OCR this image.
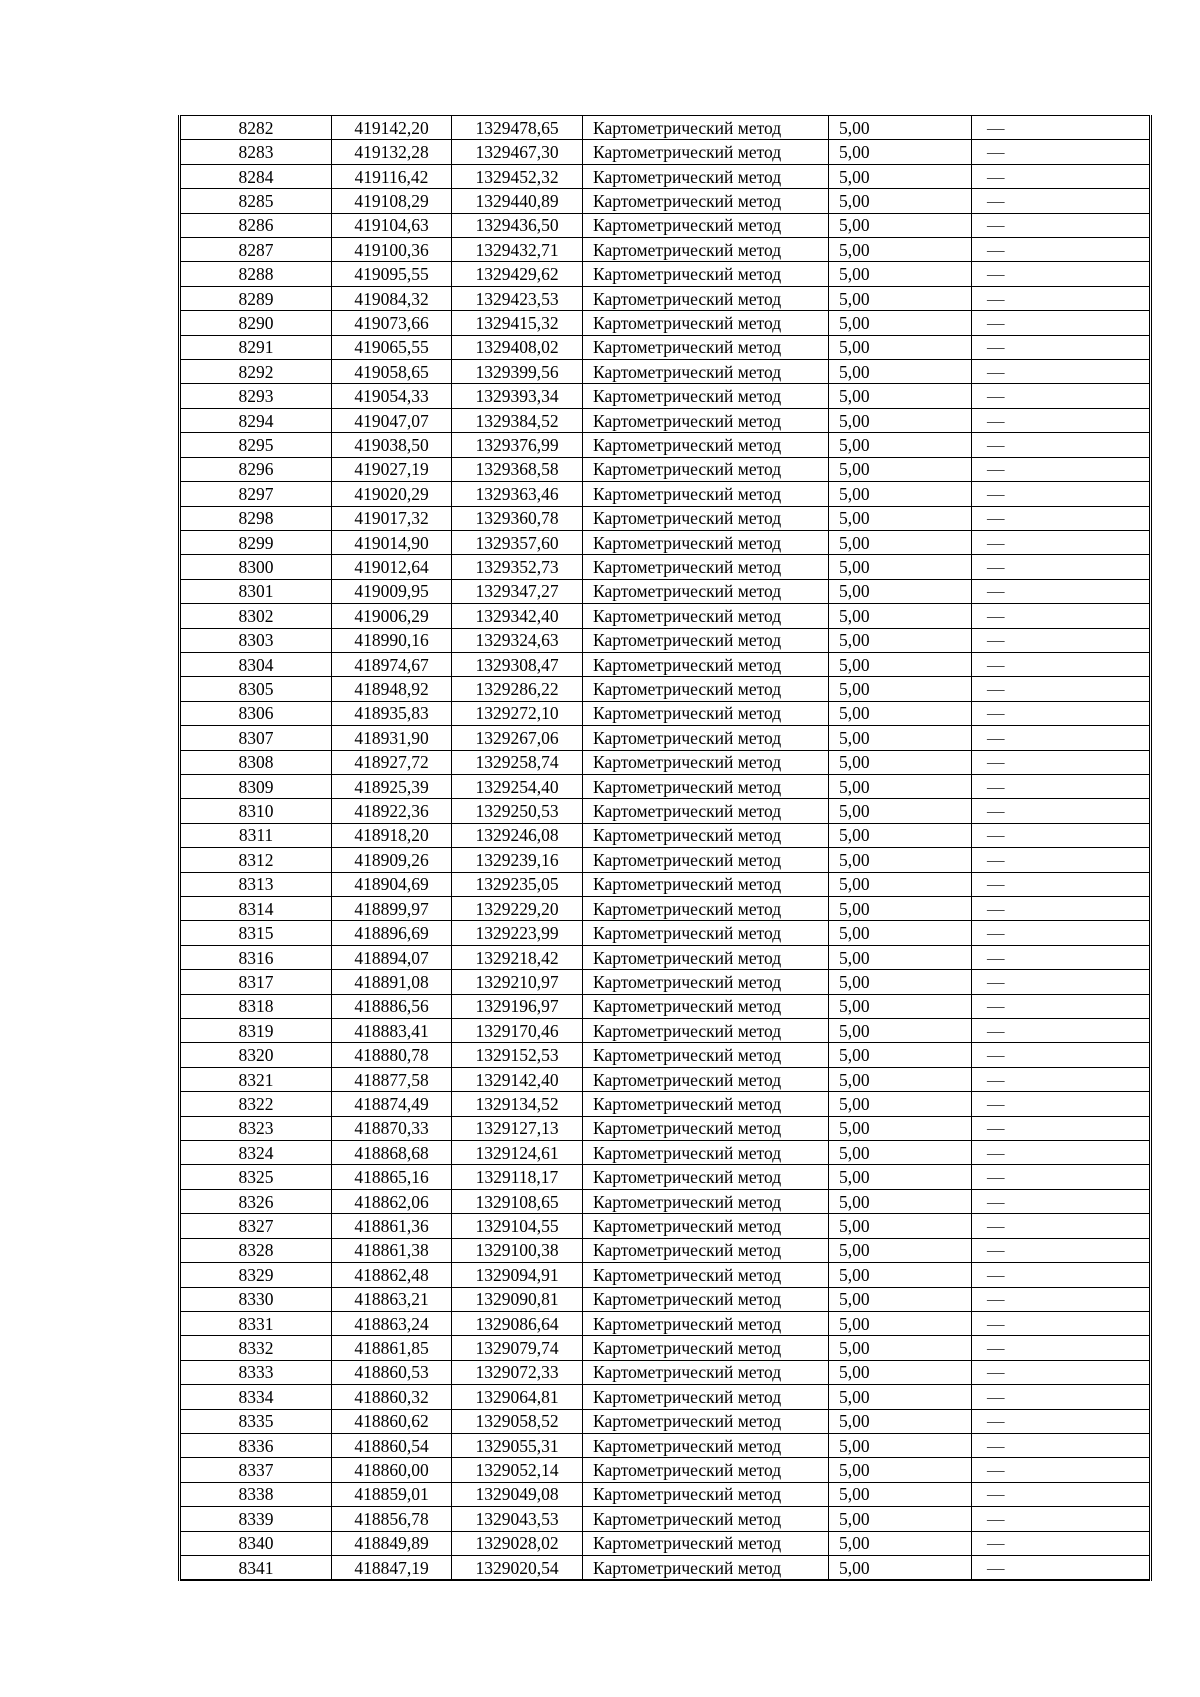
8282	419142,20	1329478,65	Картометрический метод	5,00	—
8283	419132,28	1329467,30	Картометрический метод	5,00	—
8284	419116,42	1329452,32	Картометрический метод	5,00	—
8285	419108,29	1329440,89	Картометрический метод	5,00	—
8286	419104,63	1329436,50	Картометрический метод	5,00	—
8287	419100,36	1329432,71	Картометрический метод	5,00	—
8288	419095,55	1329429,62	Картометрический метод	5,00	—
8289	419084,32	1329423,53	Картометрический метод	5,00	—
8290	419073,66	1329415,32	Картометрический метод	5,00	—
8291	419065,55	1329408,02	Картометрический метод	5,00	—
8292	419058,65	1329399,56	Картометрический метод	5,00	—
8293	419054,33	1329393,34	Картометрический метод	5,00	—
8294	419047,07	1329384,52	Картометрический метод	5,00	—
8295	419038,50	1329376,99	Картометрический метод	5,00	—
8296	419027,19	1329368,58	Картометрический метод	5,00	—
8297	419020,29	1329363,46	Картометрический метод	5,00	—
8298	419017,32	1329360,78	Картометрический метод	5,00	—
8299	419014,90	1329357,60	Картометрический метод	5,00	—
8300	419012,64	1329352,73	Картометрический метод	5,00	—
8301	419009,95	1329347,27	Картометрический метод	5,00	—
8302	419006,29	1329342,40	Картометрический метод	5,00	—
8303	418990,16	1329324,63	Картометрический метод	5,00	—
8304	418974,67	1329308,47	Картометрический метод	5,00	—
8305	418948,92	1329286,22	Картометрический метод	5,00	—
8306	418935,83	1329272,10	Картометрический метод	5,00	—
8307	418931,90	1329267,06	Картометрический метод	5,00	—
8308	418927,72	1329258,74	Картометрический метод	5,00	—
8309	418925,39	1329254,40	Картометрический метод	5,00	—
8310	418922,36	1329250,53	Картометрический метод	5,00	—
8311	418918,20	1329246,08	Картометрический метод	5,00	—
8312	418909,26	1329239,16	Картометрический метод	5,00	—
8313	418904,69	1329235,05	Картометрический метод	5,00	—
8314	418899,97	1329229,20	Картометрический метод	5,00	—
8315	418896,69	1329223,99	Картометрический метод	5,00	—
8316	418894,07	1329218,42	Картометрический метод	5,00	—
8317	418891,08	1329210,97	Картометрический метод	5,00	—
8318	418886,56	1329196,97	Картометрический метод	5,00	—
8319	418883,41	1329170,46	Картометрический метод	5,00	—
8320	418880,78	1329152,53	Картометрический метод	5,00	—
8321	418877,58	1329142,40	Картометрический метод	5,00	—
8322	418874,49	1329134,52	Картометрический метод	5,00	—
8323	418870,33	1329127,13	Картометрический метод	5,00	—
8324	418868,68	1329124,61	Картометрический метод	5,00	—
8325	418865,16	1329118,17	Картометрический метод	5,00	—
8326	418862,06	1329108,65	Картометрический метод	5,00	—
8327	418861,36	1329104,55	Картометрический метод	5,00	—
8328	418861,38	1329100,38	Картометрический метод	5,00	—
8329	418862,48	1329094,91	Картометрический метод	5,00	—
8330	418863,21	1329090,81	Картометрический метод	5,00	—
8331	418863,24	1329086,64	Картометрический метод	5,00	—
8332	418861,85	1329079,74	Картометрический метод	5,00	—
8333	418860,53	1329072,33	Картометрический метод	5,00	—
8334	418860,32	1329064,81	Картометрический метод	5,00	—
8335	418860,62	1329058,52	Картометрический метод	5,00	—
8336	418860,54	1329055,31	Картометрический метод	5,00	—
8337	418860,00	1329052,14	Картометрический метод	5,00	—
8338	418859,01	1329049,08	Картометрический метод	5,00	—
8339	418856,78	1329043,53	Картометрический метод	5,00	—
8340	418849,89	1329028,02	Картометрический метод	5,00	—
8341	418847,19	1329020,54	Картометрический метод	5,00	—
